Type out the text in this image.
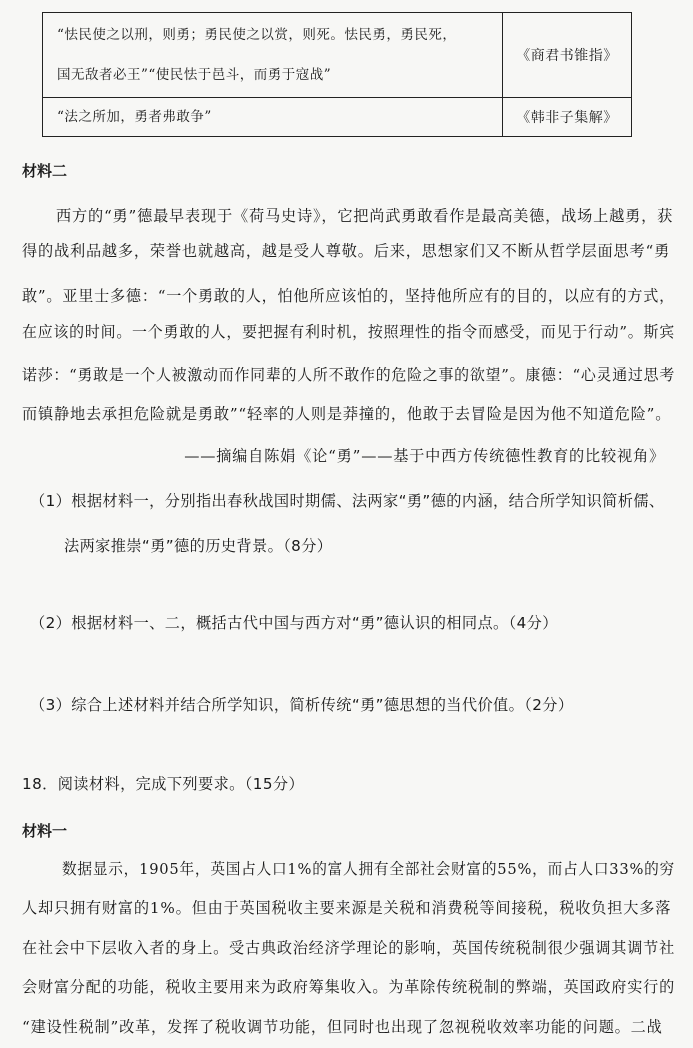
“怯民使之以刑，则勇；勇民使之以赏，则死。怯民勇，勇民死，
国无敌者必王”“使民怯于邑斗，而勇于寇战”	《商君书锥指》

“法之所加，勇者弗敢争”	《韩非子集解》
材料二
西方的“勇”德最早表现于《荷马史诗》，它把尚武勇敢看作是最高美德，战场上越勇，获
得的战利品越多，荣誉也就越高，越是受人尊敬。后来，思想家们又不断从哲学层面思考“勇
敢”。亚里士多德：“一个勇敢的人，怕他所应该怕的，坚持他所应有的目的，以应有的方式，
在应该的时间。一个勇敢的人，要把握有利时机，按照理性的指令而感受，而见于行动”。斯宾
诺莎：“勇敢是一个人被激动而作同辈的人所不敢作的危险之事的欲望”。康德：“心灵通过思考
而镇静地去承担危险就是勇敢”“轻率的人则是莽撞的，他敢于去冒险是因为他不知道危险”。
——摘编自陈娟《论“勇”——基于中西方传统德性教育的比较视角》
（1）根据材料一，分别指出春秋战国时期儒、法两家“勇”德的内涵，结合所学知识简析儒、
法两家推崇“勇”德的历史背景。（8分）
（2）根据材料一、二，概括古代中国与西方对“勇”德认识的相同点。（4分）
（3）综合上述材料并结合所学知识，简析传统“勇”德思想的当代价值。（2分）
18．阅读材料，完成下列要求。（15分）
材料一
数据显示，1905年，英国占人口1%的富人拥有全部社会财富的55%，而占人口33%的穷
人却只拥有财富的1%。但由于英国税收主要来源是关税和消费税等间接税，税收负担大多落
在社会中下层收入者的身上。受古典政治经济学理论的影响，英国传统税制很少强调其调节社
会财富分配的功能，税收主要用来为政府筹集收入。为革除传统税制的弊端，英国政府实行的
“建设性税制”改革，发挥了税收调节功能，但同时也出现了忽视税收效率功能的问题。二战
